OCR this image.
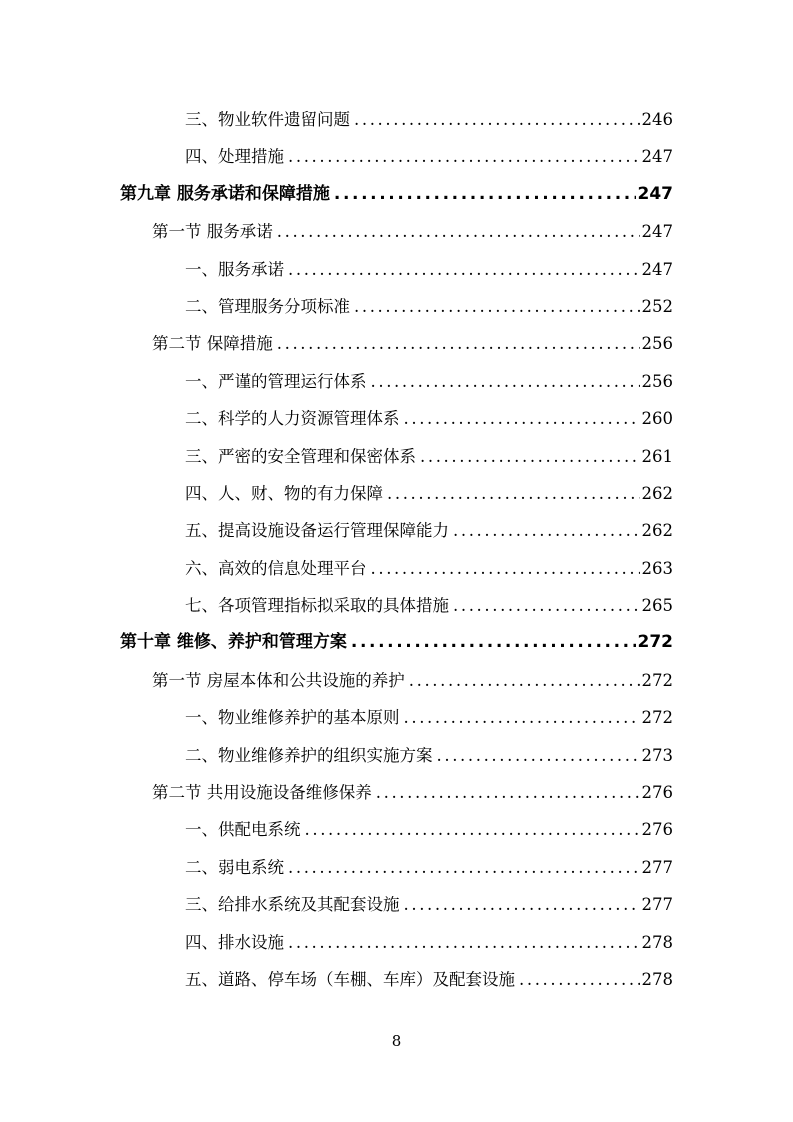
三、物业软件遗留问题 .....	246
四、处理措施 .....	247
第九章 服务承诺和保障措施 .....	247
第一节 服务承诺 .....	247
一、服务承诺 .....	247
二、管理服务分项标准 .....	252
第二节 保障措施 .....	256
一、严谨的管理运行体系 .....	256
二、科学的人力资源管理体系 .....	260
三、严密的安全管理和保密体系 .....	261
四、人、财、物的有力保障 .....	262
五、提高设施设备运行管理保障能力 .....	262
六、高效的信息处理平台 .....	263
七、各项管理指标拟采取的具体措施 .....	265
第十章 维修、养护和管理方案 .....	272
第一节 房屋本体和公共设施的养护 .....	272
一、物业维修养护的基本原则 .....	272
二、物业维修养护的组织实施方案 .....	273
第二节 共用设施设备维修保养 .....	276
一、供配电系统 .....	276
二、弱电系统 .....	277
三、给排水系统及其配套设施 .....	277
四、排水设施 .....	278
五、道路、停车场（车棚、车库）及配套设施 .....	278
8
